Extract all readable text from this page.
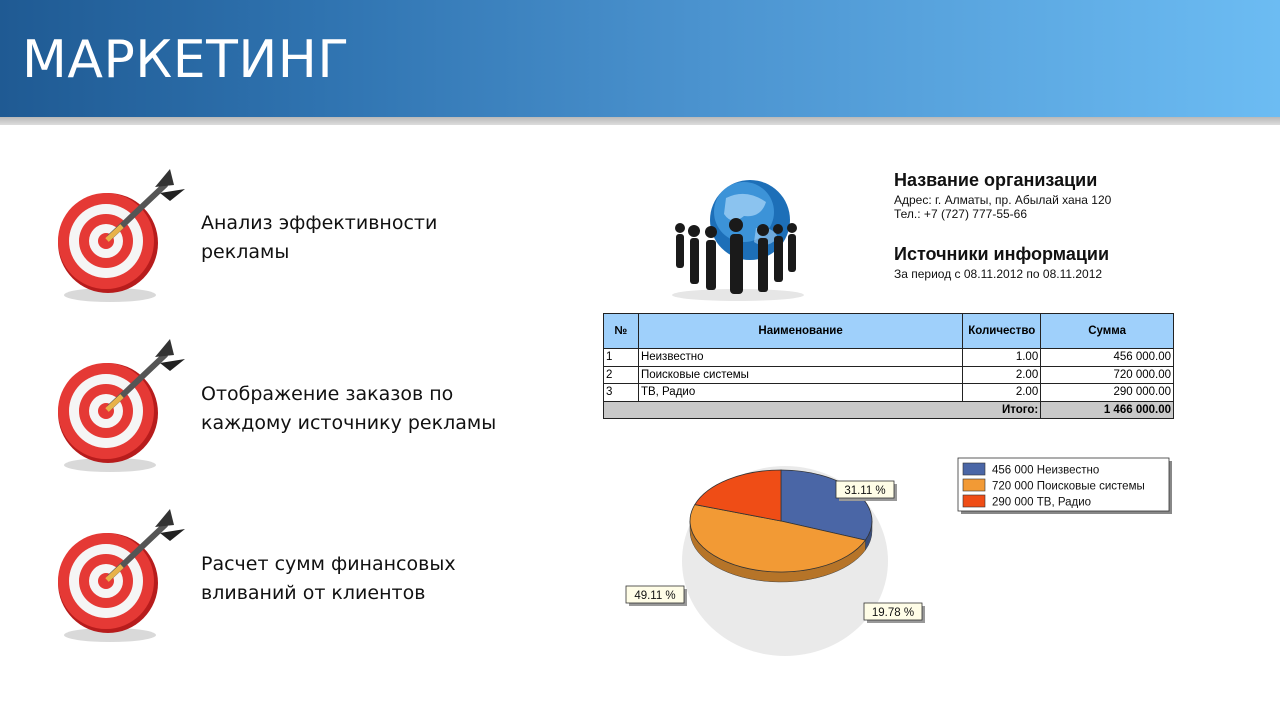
МАРКЕТИНГ
Анализ эффективности
рекламы
Отображение заказов по
каждому источнику рекламы
Расчет сумм финансовых
вливаний от клиентов
Название организации
Адрес: г. Алматы, пр. Абылай хана 120
Тел.: +7 (727) 777-55-66
Источники информации
За период с 08.11.2012 по 08.11.2012
№	Наименование	Количество	Сумма
1	Неизвестно	1.00	456 000.00
2	Поисковые системы	2.00	720 000.00
3	ТВ, Радио	2.00	290 000.00
Итого:			1 466 000.00
31.11 %
49.11 %
19.78 %
456 000 Неизвестно
720 000 Поисковые системы
290 000 ТВ, Радио
